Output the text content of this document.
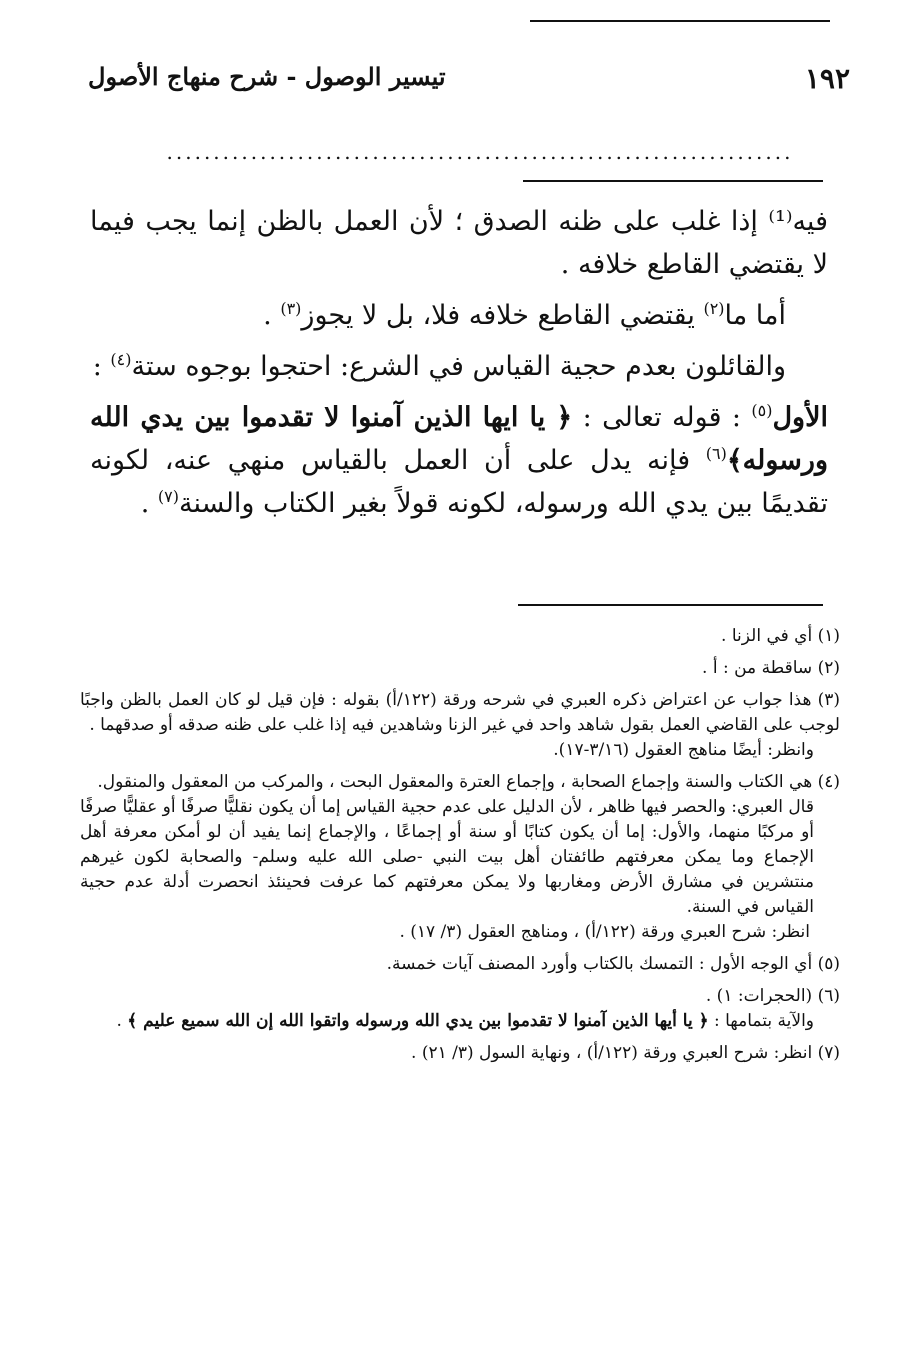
١٩٢
تيسير الوصول - شرح منهاج الأصول
...................................................................

فيه⁽¹⁾ إذا غلب على ظنه الصدق ؛ لأن العمل بالظن إنما يجب فيما لا يقتضي القاطع خلافه .

أما ما$^{(٢)}$ يقتضي القاطع خلافه فلا، بل لا يجوز$^{(٣)}$ .

والقائلون بعدم حجية القياس في الشرع: احتجوا بوجوه ستة$^{(٤)}$ :

الأول$^{(٥)}$ : قوله تعالى : ﴿ يا ايها الذين آمنوا لا تقدموا بين يدي الله ورسوله﴾$^{(٦)}$ فإنه يدل على أن العمل بالقياس منهي عنه، لكونه تقديمًا بين يدي الله ورسوله، لكونه قولاً بغير الكتاب والسنة$^{(٧)}$ .

(١) أي في الزنا .
(٢) ساقطة من : أ .
(٣) هذا جواب عن اعتراض ذكره العبري في شرحه ورقة (١٢٢/أ) بقوله : فإن قيل لو كان العمل بالظن واجبًا لوجب على القاضي العمل بقول شاهد واحد في غير الزنا وشاهدين فيه إذا غلب على ظنه صدقه أو صدقهما .
وانظر: أيضًا مناهج العقول (٣/١٦-١٧).
(٤) هي الكتاب والسنة وإجماع الصحابة ، وإجماع العترة والمعقول البحت ، والمركب من المعقول والمنقول.
قال العبري: والحصر فيها ظاهر ، لأن الدليل على عدم حجية القياس إما أن يكون نقليًّا صرفًا أو عقليًّا صرفًا أو مركبًا منهما، والأول: إما أن يكون كتابًا أو سنة أو إجماعًا ، والإجماع إنما يفيد أن لو أمكن معرفة أهل الإجماع وما يمكن معرفتهم طائفتان أهل بيت النبي -صلى الله عليه وسلم- والصحابة لكون غيرهم منتشرين في مشارق الأرض ومغاربها ولا يمكن معرفتهم كما عرفت فحينئذ انحصرت أدلة عدم حجية القياس في السنة.
انظر: شرح العبري ورقة (١٢٢/أ) ، ومناهج العقول (٣/ ١٧) .
(٥) أي الوجه الأول : التمسك بالكتاب وأورد المصنف آيات خمسة.
(٦) (الحجرات: ١) .
والآية بتمامها : ﴿ يا أيها الذين آمنوا لا تقدموا بين يدي الله ورسوله واتقوا الله إن الله سميع عليم ﴾ .
(٧) انظر: شرح العبري ورقة (١٢٢/أ) ، ونهاية السول (٣/ ٢١) .
